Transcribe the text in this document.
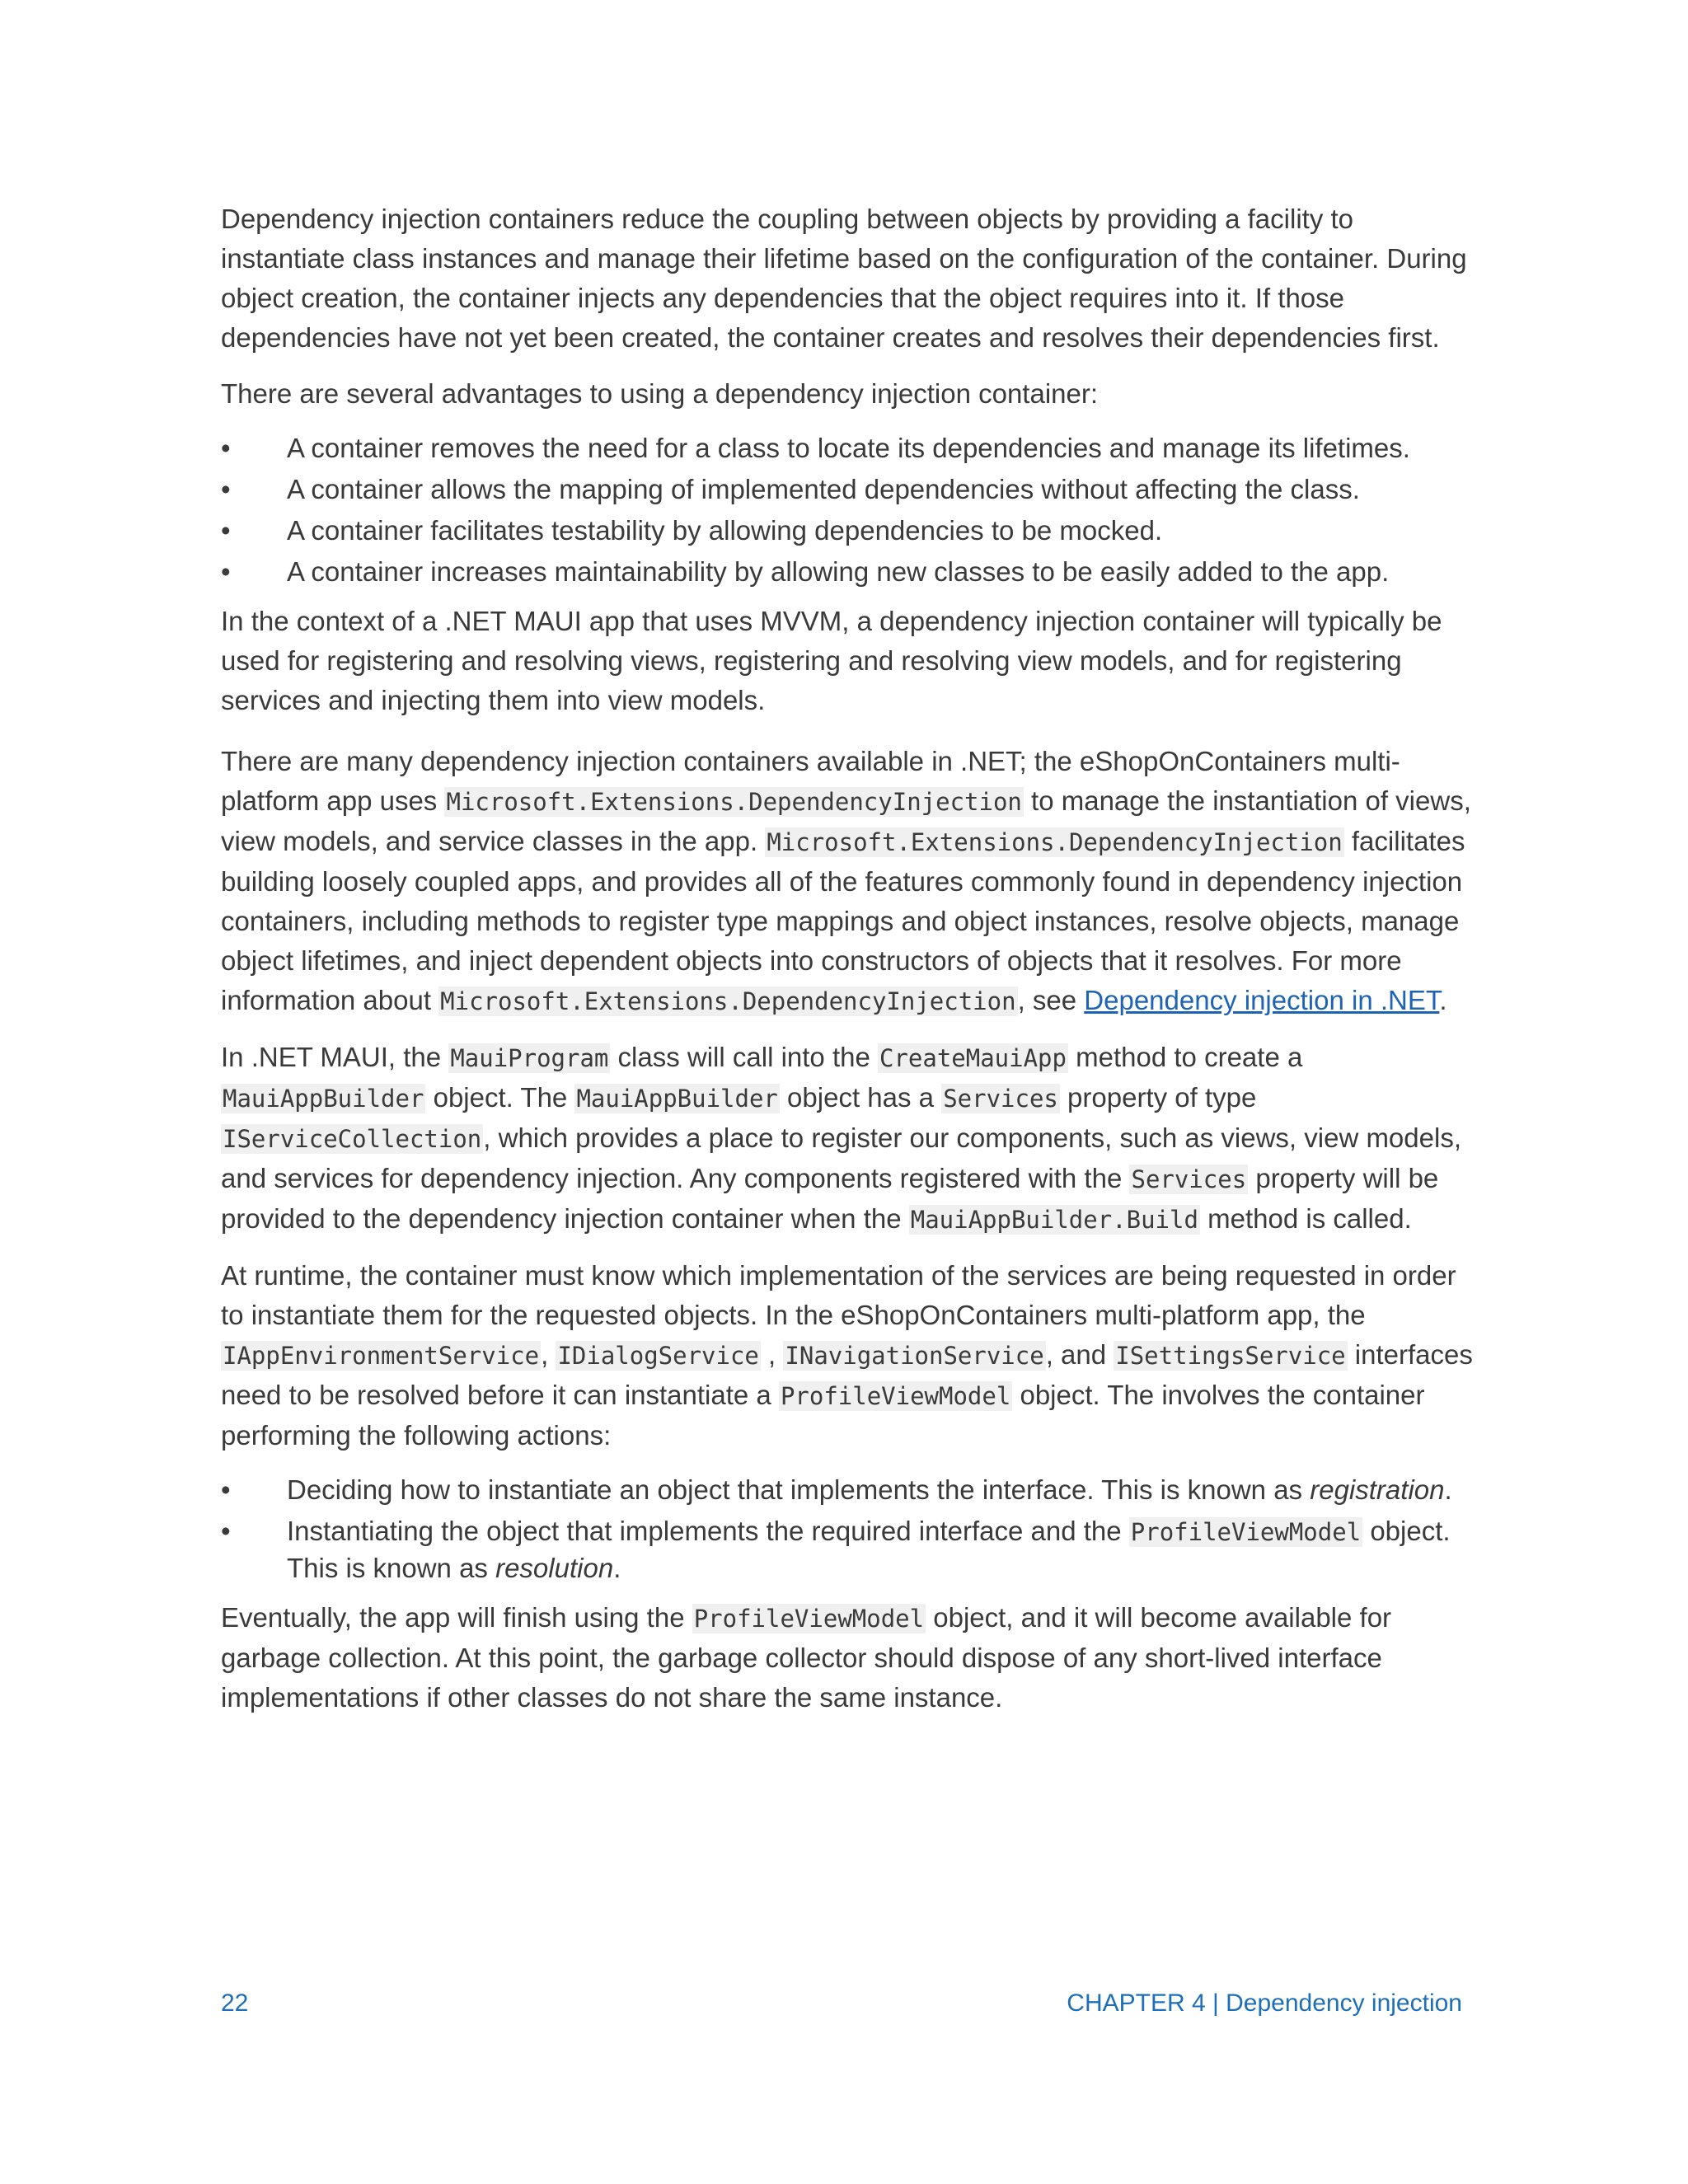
Dependency injection containers reduce the coupling between objects by providing a facility to instantiate class instances and manage their lifetime based on the configuration of the container. During object creation, the container injects any dependencies that the object requires into it. If those dependencies have not yet been created, the container creates and resolves their dependencies first.

There are several advantages to using a dependency injection container:

• A container removes the need for a class to locate its dependencies and manage its lifetimes.
• A container allows the mapping of implemented dependencies without affecting the class.
• A container facilitates testability by allowing dependencies to be mocked.
• A container increases maintainability by allowing new classes to be easily added to the app.

In the context of a .NET MAUI app that uses MVVM, a dependency injection container will typically be used for registering and resolving views, registering and resolving view models, and for registering services and injecting them into view models.

There are many dependency injection containers available in .NET; the eShopOnContainers multi-platform app uses Microsoft.Extensions.DependencyInjection to manage the instantiation of views, view models, and service classes in the app. Microsoft.Extensions.DependencyInjection facilitates building loosely coupled apps, and provides all of the features commonly found in dependency injection containers, including methods to register type mappings and object instances, resolve objects, manage object lifetimes, and inject dependent objects into constructors of objects that it resolves. For more information about Microsoft.Extensions.DependencyInjection, see Dependency injection in .NET.

In .NET MAUI, the MauiProgram class will call into the CreateMauiApp method to create a MauiAppBuilder object. The MauiAppBuilder object has a Services property of type IServiceCollection, which provides a place to register our components, such as views, view models, and services for dependency injection. Any components registered with the Services property will be provided to the dependency injection container when the MauiAppBuilder.Build method is called.

At runtime, the container must know which implementation of the services are being requested in order to instantiate them for the requested objects. In the eShopOnContainers multi-platform app, the IAppEnvironmentService, IDialogService , INavigationService, and ISettingsService interfaces need to be resolved before it can instantiate a ProfileViewModel object. The involves the container performing the following actions:

• Deciding how to instantiate an object that implements the interface. This is known as registration.
• Instantiating the object that implements the required interface and the ProfileViewModel object. This is known as resolution.

Eventually, the app will finish using the ProfileViewModel object, and it will become available for garbage collection. At this point, the garbage collector should dispose of any short-lived interface implementations if other classes do not share the same instance.

22	CHAPTER 4 | Dependency injection
